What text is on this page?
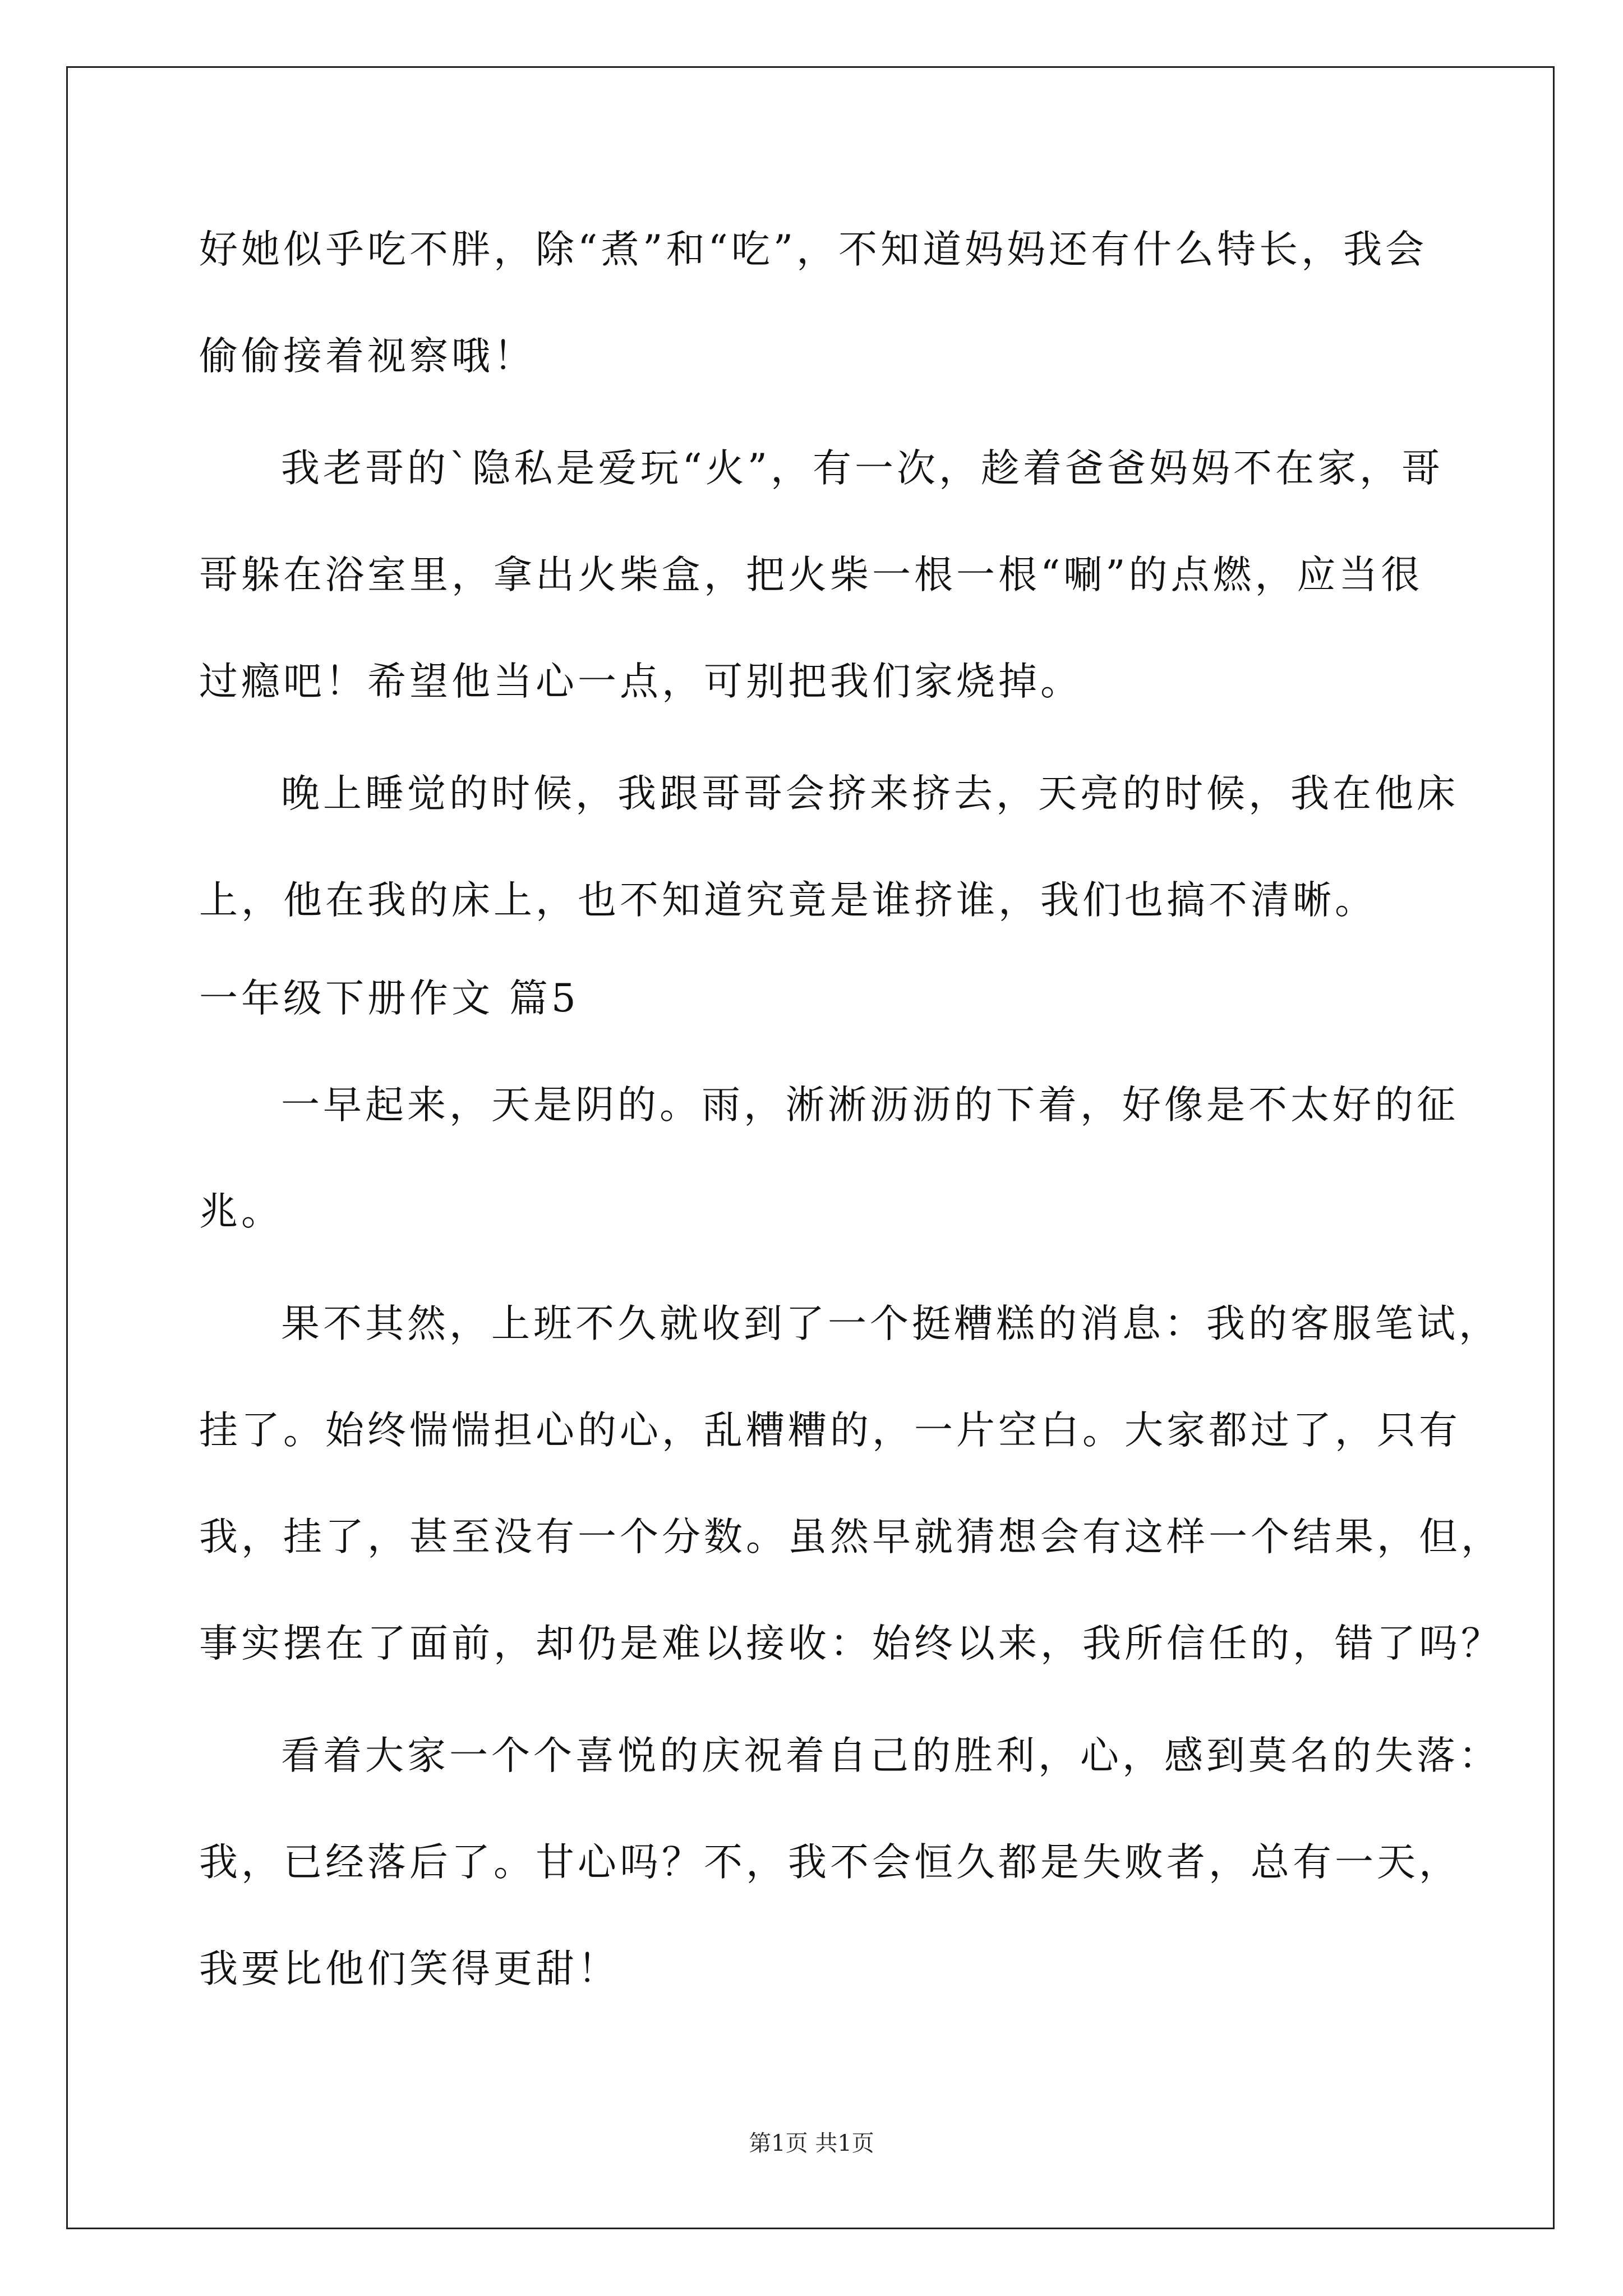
好她似乎吃不胖，除“煮”和“吃”，不知道妈妈还有什么特长，我会
偷偷接着视察哦！
我老哥的`隐私是爱玩“火”，有一次，趁着爸爸妈妈不在家，哥
哥躲在浴室里，拿出火柴盒，把火柴一根一根“唰”的点燃，应当很
过瘾吧！希望他当心一点，可别把我们家烧掉。
晚上睡觉的时候，我跟哥哥会挤来挤去，天亮的时候，我在他床
上，他在我的床上，也不知道究竟是谁挤谁，我们也搞不清晰。
一年级下册作文 篇5
一早起来，天是阴的。雨，淅淅沥沥的下着，好像是不太好的征
兆。
果不其然，上班不久就收到了一个挺糟糕的消息：我的客服笔试，
挂了。始终惴惴担心的心，乱糟糟的，一片空白。大家都过了，只有
我，挂了，甚至没有一个分数。虽然早就猜想会有这样一个结果，但，
事实摆在了面前，却仍是难以接收：始终以来，我所信任的，错了吗？
看着大家一个个喜悦的庆祝着自己的胜利，心，感到莫名的失落：
我，已经落后了。甘心吗？不，我不会恒久都是失败者，总有一天，
我要比他们笑得更甜！
第1页 共1页
